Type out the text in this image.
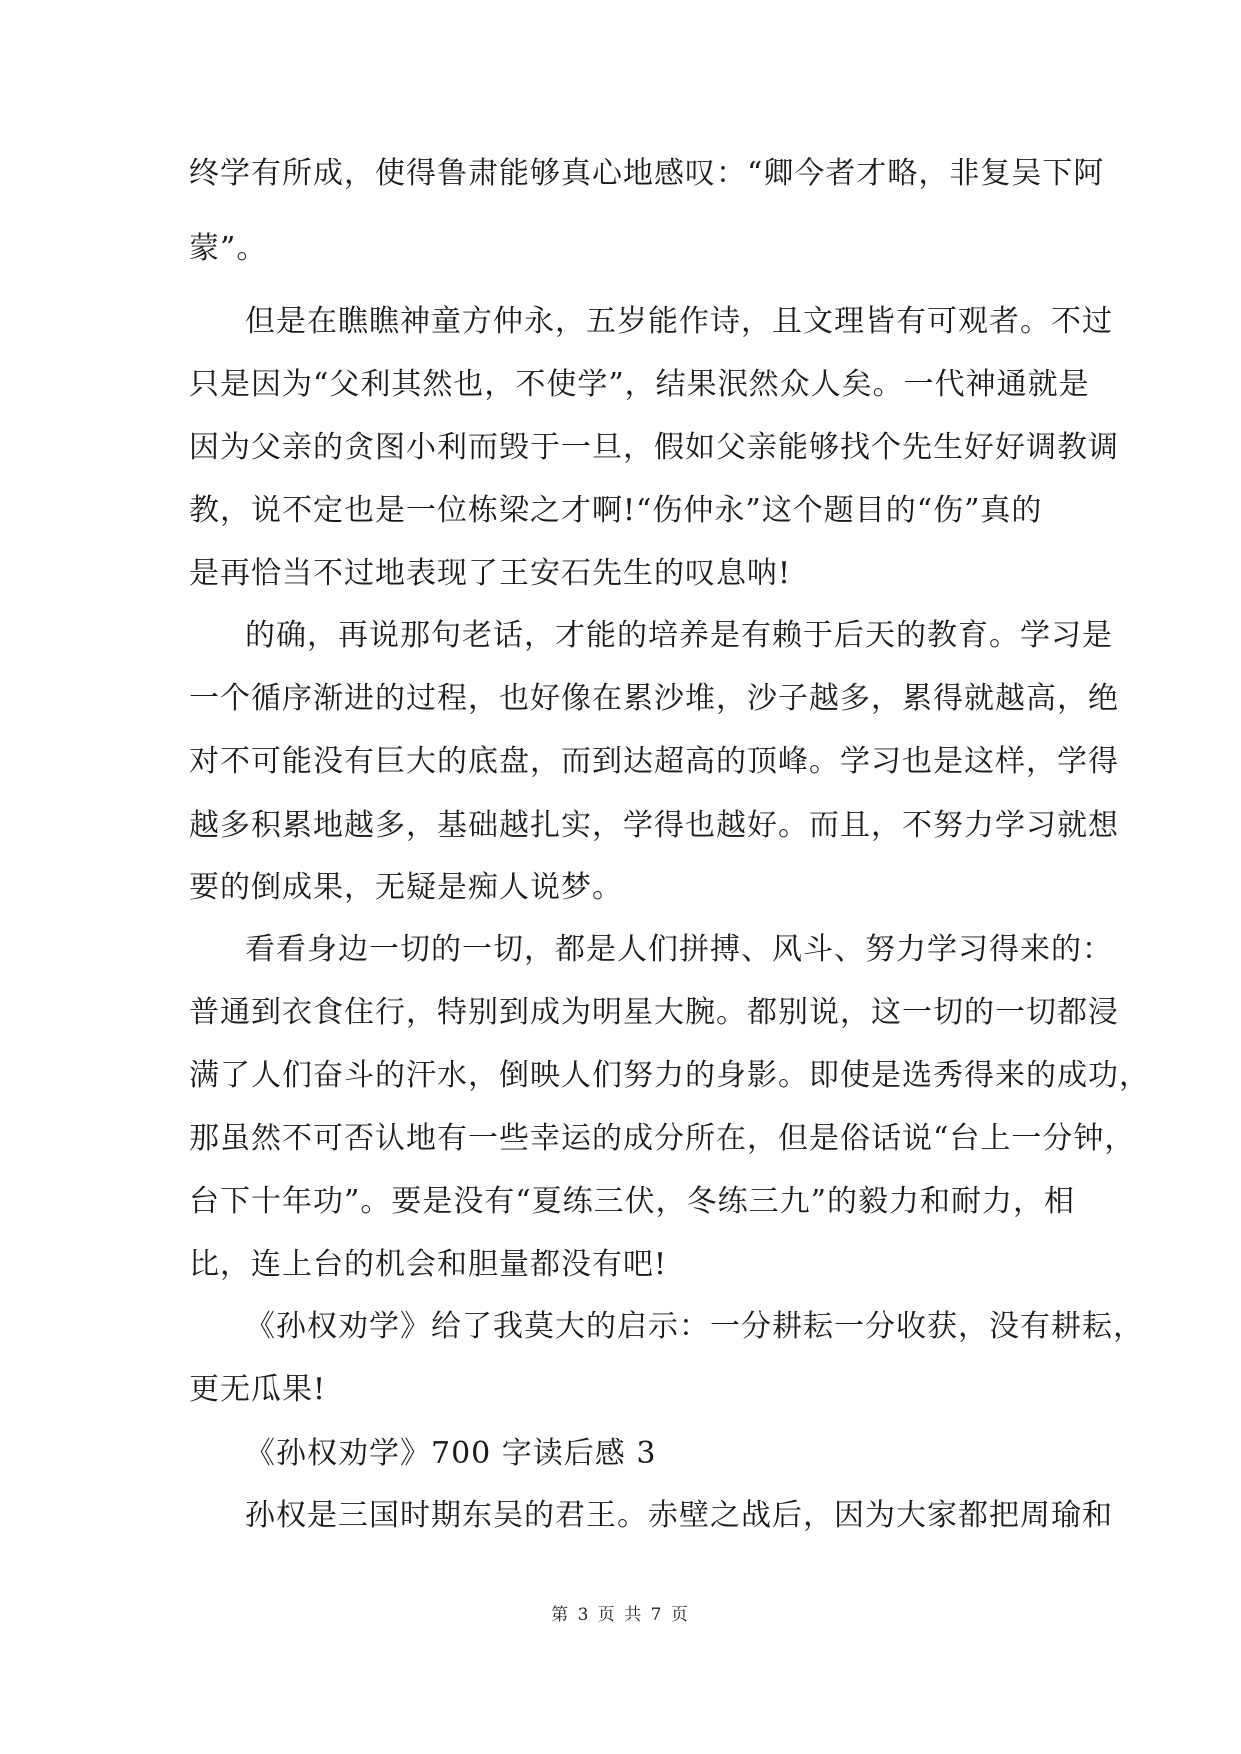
终学有所成，使得鲁肃能够真心地感叹：“卿今者才略，非复吴下阿
蒙”。
但是在瞧瞧神童方仲永，五岁能作诗，且文理皆有可观者。不过
只是因为“父利其然也，不使学”，结果泯然众人矣。一代神通就是
因为父亲的贪图小利而毁于一旦，假如父亲能够找个先生好好调教调
教，说不定也是一位栋梁之才啊!“伤仲永”这个题目的“伤”真的
是再恰当不过地表现了王安石先生的叹息呐!
的确，再说那句老话，才能的培养是有赖于后天的教育。学习是
一个循序渐进的过程，也好像在累沙堆，沙子越多，累得就越高，绝
对不可能没有巨大的底盘，而到达超高的顶峰。学习也是这样，学得
越多积累地越多，基础越扎实，学得也越好。而且，不努力学习就想
要的倒成果，无疑是痴人说梦。
看看身边一切的一切，都是人们拼搏、风斗、努力学习得来的：
普通到衣食住行，特别到成为明星大腕。都别说，这一切的一切都浸
满了人们奋斗的汗水，倒映人们努力的身影。即使是选秀得来的成功，
那虽然不可否认地有一些幸运的成分所在，但是俗话说“台上一分钟，
台下十年功”。要是没有“夏练三伏，冬练三九”的毅力和耐力，相
比，连上台的机会和胆量都没有吧!
《孙权劝学》给了我莫大的启示：一分耕耘一分收获，没有耕耘，
更无瓜果!
《孙权劝学》700 字读后感 3
孙权是三国时期东吴的君王。赤壁之战后，因为大家都把周瑜和
第 3 页 共 7 页
